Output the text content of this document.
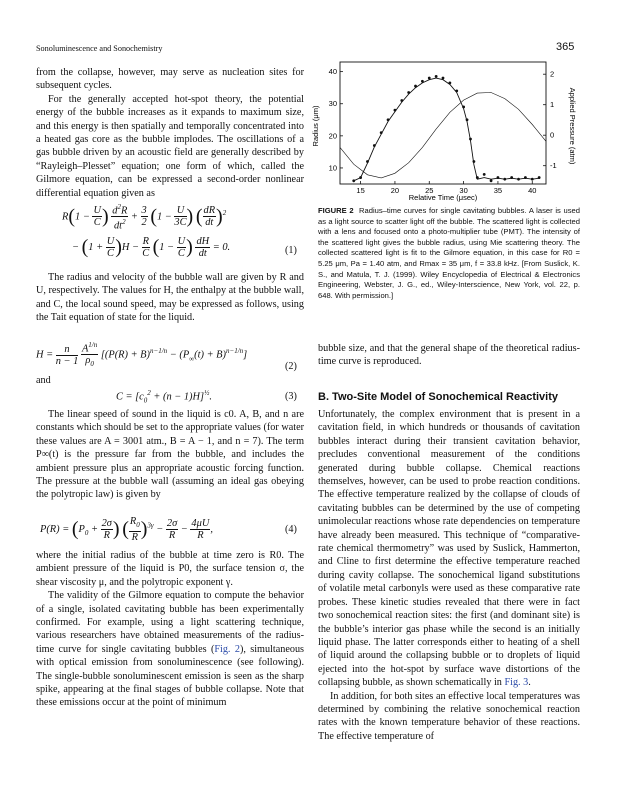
Sonoluminescence and Sonochemistry	365

from the collapse, however, may serve as nucleation sites for subsequent cycles.

For the generally accepted hot-spot theory, the potential energy of the bubble increases as it expands to maximum size, and this energy is then spatially and temporally concentrated into a heated gas core as the bubble implodes. The oscillations of a gas bubble driven by an acoustic field are generally described by “Rayleigh–Plesset” equation; one form of which, called the Gilmore equation, can be expressed a second-order nonlinear differential equation given as

$R(1 - \frac{U}{C}$ ) $\frac{d^2R}{dt^2} + \frac{3}{2} (1 - \frac{U}{3C}$ ) ( $\frac{dR}{dt} )^2$
− $(1 + \frac{U}{C} )H - \frac{R}{C} (1 - \frac{U}{C}$ ) $\frac{dH}{dt} = 0$.	(1)

The radius and velocity of the bubble wall are given by R and U, respectively. The values for H, the enthalpy at the bubble wall, and C, the local sound speed, may be expressed as follows, using the Tait equation of state for the liquid.

$H = \frac{n}{n - 1}$
$\frac{A^{1/n}}{\rho_0} [(P(R) + B)^{n-1/n} - (P_\infty(t) + B)^{n-1/n}]$
(2)
and
$C = [c_0^2 + (n - 1)H]^{\frac{1}{2}}$.	(3)

The linear speed of sound in the liquid is c0. A, B, and n are constants which should be set to the appropriate values (for water these values are A = 3001 atm., B = A − 1, and n = 7). The term P∞(t) is the pressure far from the bubble, and includes the ambient pressure plus an appropriate acoustic forcing function. The pressure at the bubble wall (assuming an ideal gas obeying the polytropic law) is given by

$P(R) = (P_0 + \frac{2\sigma}{R}$ ) ( $\frac{R_0}{R} )^{3\gamma} - \frac{2\sigma}{R} - \frac{4\mu U}{R}$ ,	(4)

where the initial radius of the bubble at time zero is R0. The ambient pressure of the liquid is P0, the surface tension σ, the shear viscosity μ, and the polytropic exponent γ.

The validity of the Gilmore equation to compute the behavior of a single, isolated cavitating bubble has been experimentally confirmed. For example, using a light scattering technique, various researchers have obtained measurements of the radius-time curve for single cavitating bubbles (Fig. 2), simultaneous with optical emission from sonoluminescence (see following). The single-bubble sonoluminescent emission is seen as the sharp spike, appearing at the final stages of bubble collapse. Note that these emissions occur at the point of minimum

15	20	25	30	35	40
10
20
30
40	2
1
0
-1
Relative Time (μsec)
Radius (μm)	Applied Pressure (atm)
FIGURE 2 Radius–time curves for single cavitating bubbles. A laser is used as a light source to scatter light off the bubble. The scattered light is collected with a lens and focused onto a photo-multiplier tube (PMT). The intensity of the scattered light gives the bubble radius, using Mie scattering theory. The collected scattered light is fit to the Gilmore equation, in this case for R0 = 5.25 μm, Pa = 1.40 atm, and Rmax = 35 μm, f = 33.8 kHz. [From Suslick, K. S., and Matula, T. J. (1999). Wiley Encyclopedia of Electrical & Electronics Engineering, Webster, J. G., ed., Wiley-Interscience, New York, vol. 22, p. 648. With permission.]

bubble size, and that the general shape of the theoretical radius-time curve is reproduced.

B. Two-Site Model of Sonochemical Reactivity

Unfortunately, the complex environment that is present in a cavitation field, in which hundreds or thousands of cavitation bubbles interact during their transient cavitation behavior, precludes conventional measurement of the conditions generated during bubble collapse. Chemical reactions themselves, however, can be used to probe reaction conditions. The effective temperature realized by the collapse of clouds of cavitating bubbles can be determined by the use of competing unimolecular reactions whose rate dependencies on temperature have already been measured. This technique of “comparative-rate chemical thermometry” was used by Suslick, Hammerton, and Cline to first determine the effective temperature reached during cavity collapse. The sonochemical ligand substitutions of volatile metal carbonyls were used as these comparative rate probes. These kinetic studies revealed that there were in fact two sonochemical reaction sites: the first (and dominant site) is the bubble’s interior gas phase while the second is an initially liquid phase. The latter corresponds either to heating of a shell of liquid around the collapsing bubble or to droplets of liquid ejected into the hot-spot by surface wave distortions of the collapsing bubble, as shown schematically in Fig. 3.

In addition, for both sites an effective local temperatures was determined by combining the relative sonochemical reaction rates with the known temperature behavior of these reactions. The effective temperature of
